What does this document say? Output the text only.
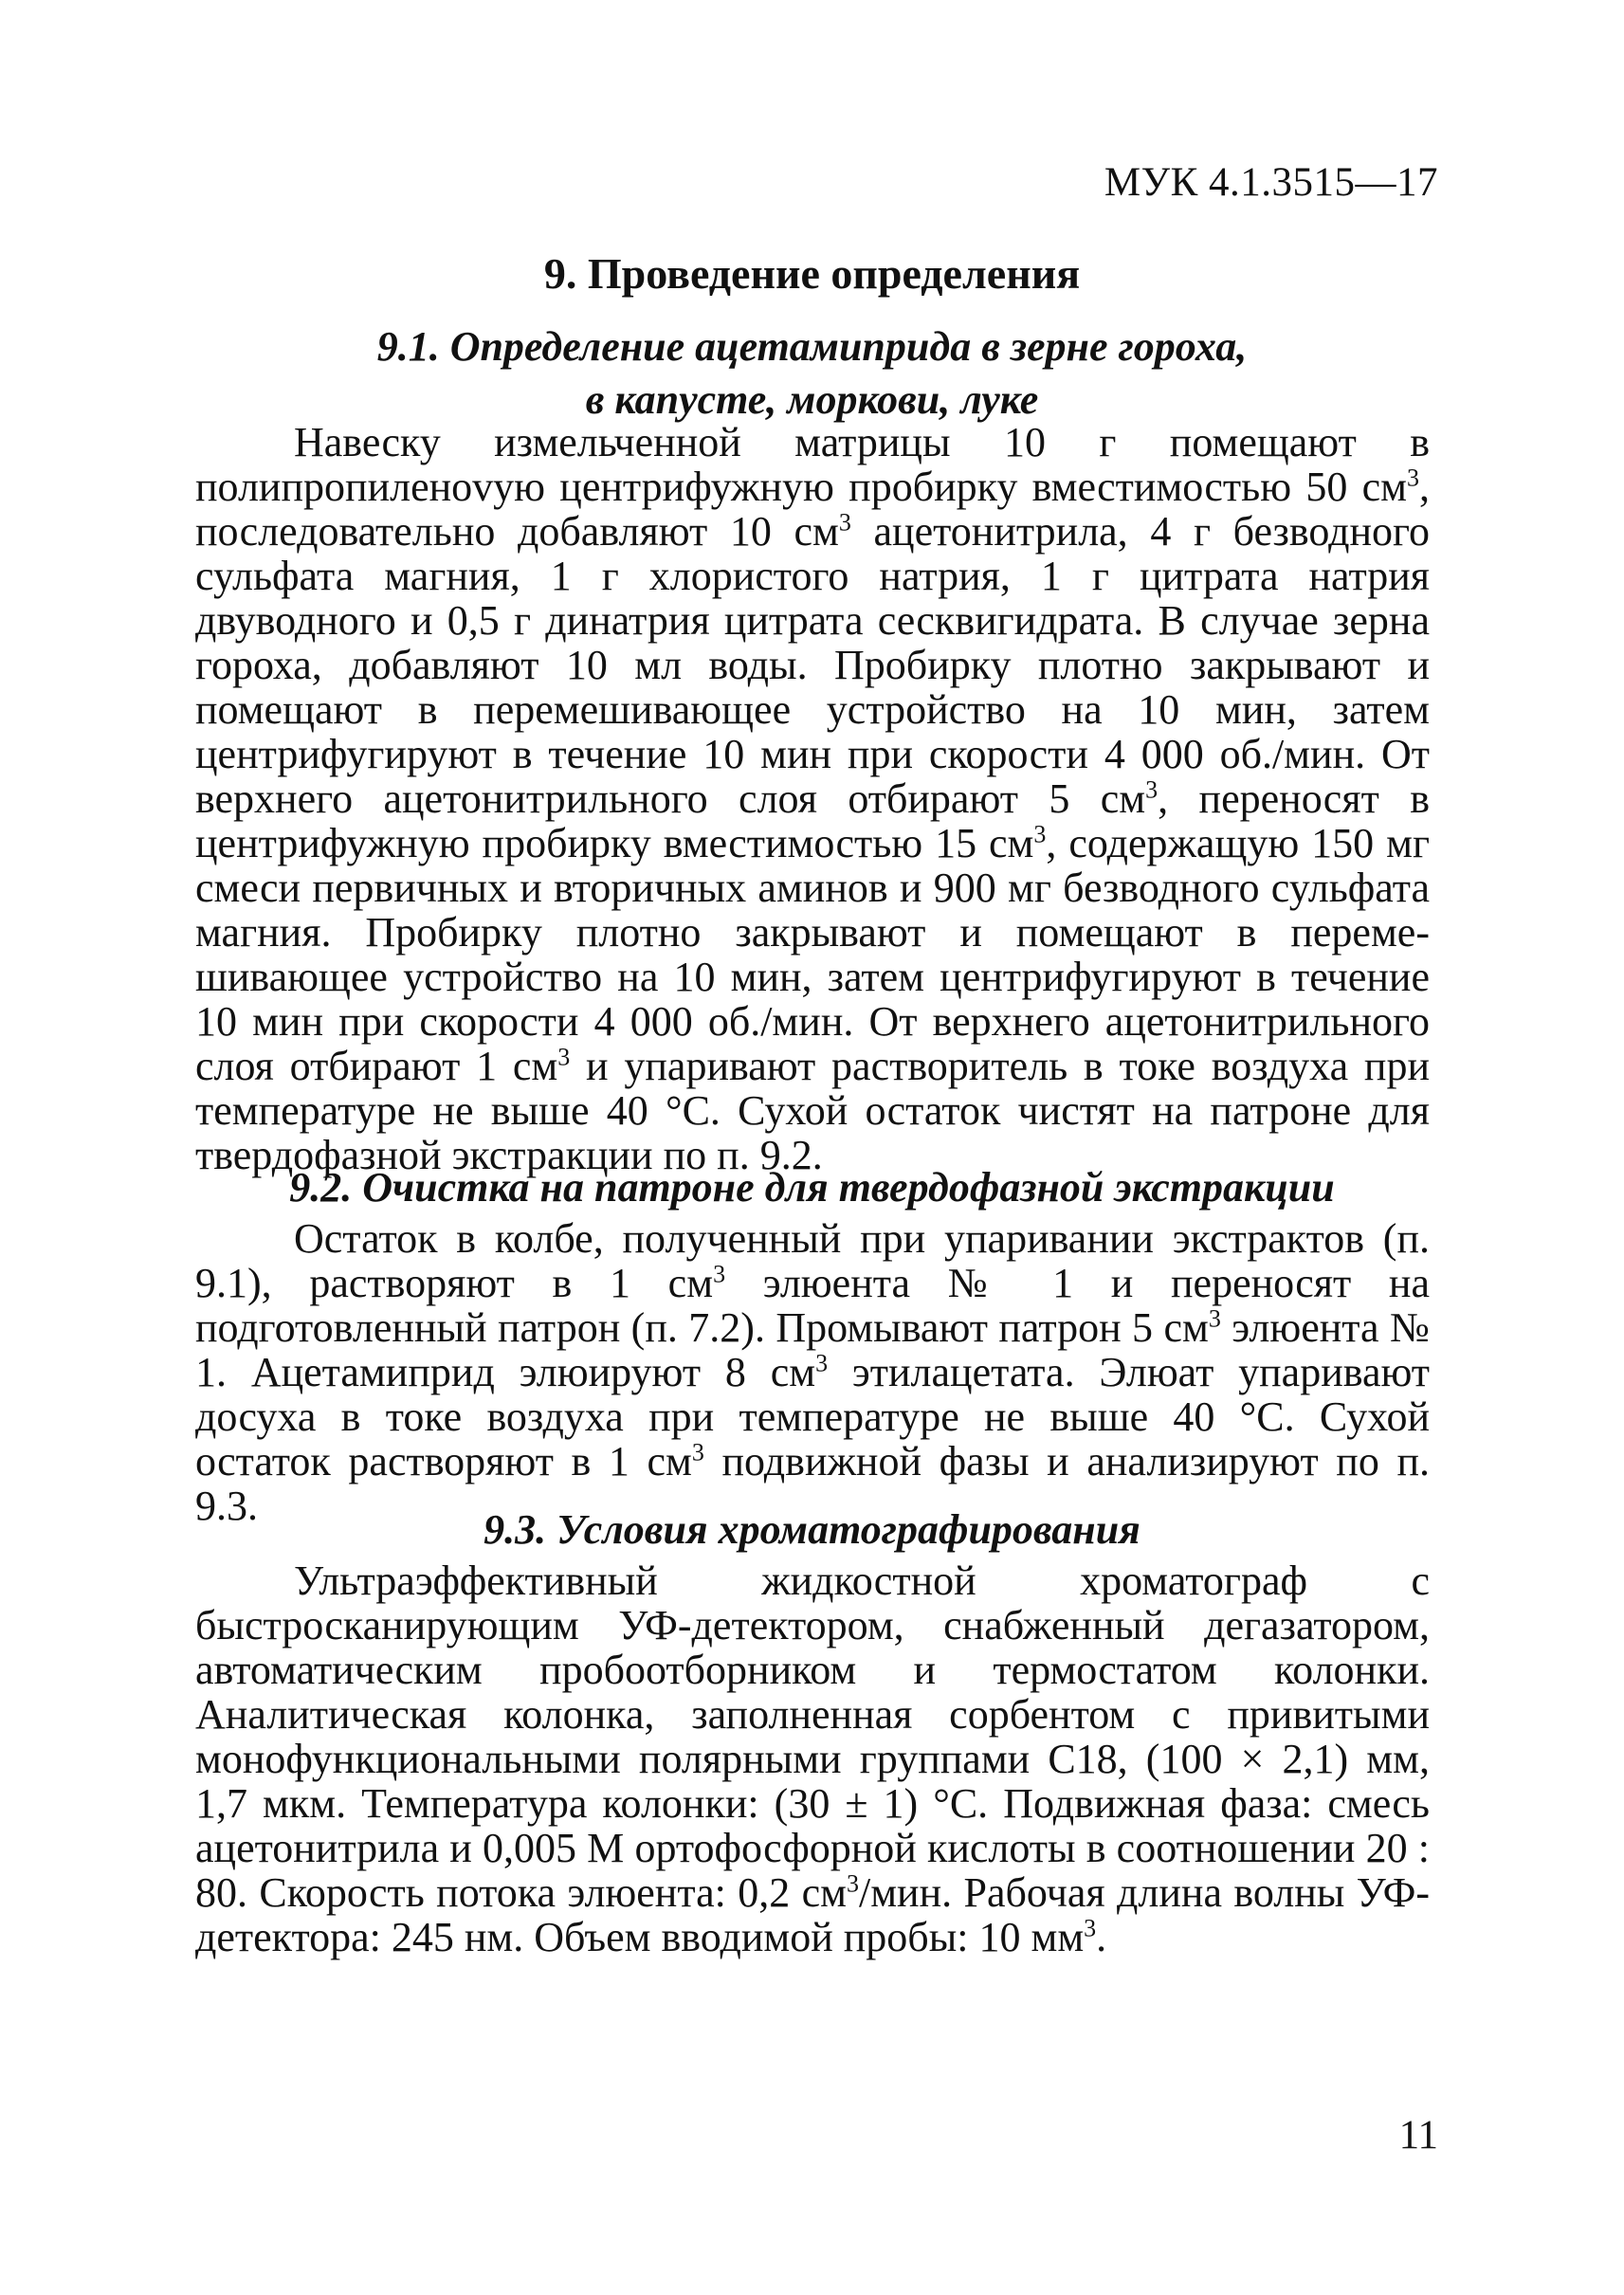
МУК 4.1.3515—17
9. Проведение определения
9.1. Определение ацетамиприда в зерне гороха,
в капусте, моркови, луке
Навеску измельченной матрицы 10 г помещают в полипропиленоvую центрифужную пробирку вместимостью 50 $см^3$, последовательно добавляют 10 $см^3$ ацетонитрила, 4 г безводного сульфата магния, 1 г хлористого натрия, 1 г цитрата натрия двуводного и 0,5 г динатрия цитрата сесквигидрата. В случае зерна гороха, добавляют 10 мл воды. Пробирку плотно закрывают и помещают в перемешивающее устройство на 10 мин, затем центрифугируют в течение 10 мин при скорости 4 000 об./мин. От верхнего ацетонитрильного слоя отбирают 5 $см^3$, переносят в центрифужную пробирку вместимостью 15 $см^3$, содержащую 150 мг смеси первичных и вторичных аминов и 900 мг безводного сульфата магния. Пробирку плотно закрывают и помещают в перемешивающее устройство на 10 мин, затем центрифугируют в течение 10 мин при скорости 4 000 об./мин. От верхнего ацетонитрильного слоя отбирают 1 $см^3$ и упаривают растворитель в токе воздуха при температуре не выше 40 °С. Сухой остаток чистят на патроне для твердофазной экстракции по п. 9.2.
9.2. Очистка на патроне для твердофазной экстракции
Остаток в колбе, полученный при упаривании экстрактов (п. 9.1), растворяют в 1 $см^3$ элюента № 1 и переносят на подготовленный патрон (п. 7.2). Промывают патрон 5 $см^3$ элюента № 1. Ацетамиприд элюируют 8 $см^3$ этилацетата. Элюат упаривают досуха в токе воздуха при температуре не выше 40 °С. Сухой остаток растворяют в 1 $см^3$ подвижной фазы и анализируют по п. 9.3.
9.3. Условия хроматографирования
Ультраэффективный жидкостной хроматограф с быстросканирующим УФ-детектором, снабженный дегазатором, автоматическим пробоотборником и термостатом колонки. Аналитическая колонка, заполненная сорбентом с привитыми монофункциональными полярными группами С18, (100 × 2,1) мм, 1,7 мкм. Температура колонки: (30 ± 1) °С. Подвижная фаза: смесь ацетонитрила и 0,005 М ортофосфорной кислоты в соотношении 20 : 80. Скорость потока элюента: 0,2 $см^3$/мин. Рабочая длина волны УФ-детектора: 245 нм. Объем вводимой пробы: 10 $мм^3$.
11
